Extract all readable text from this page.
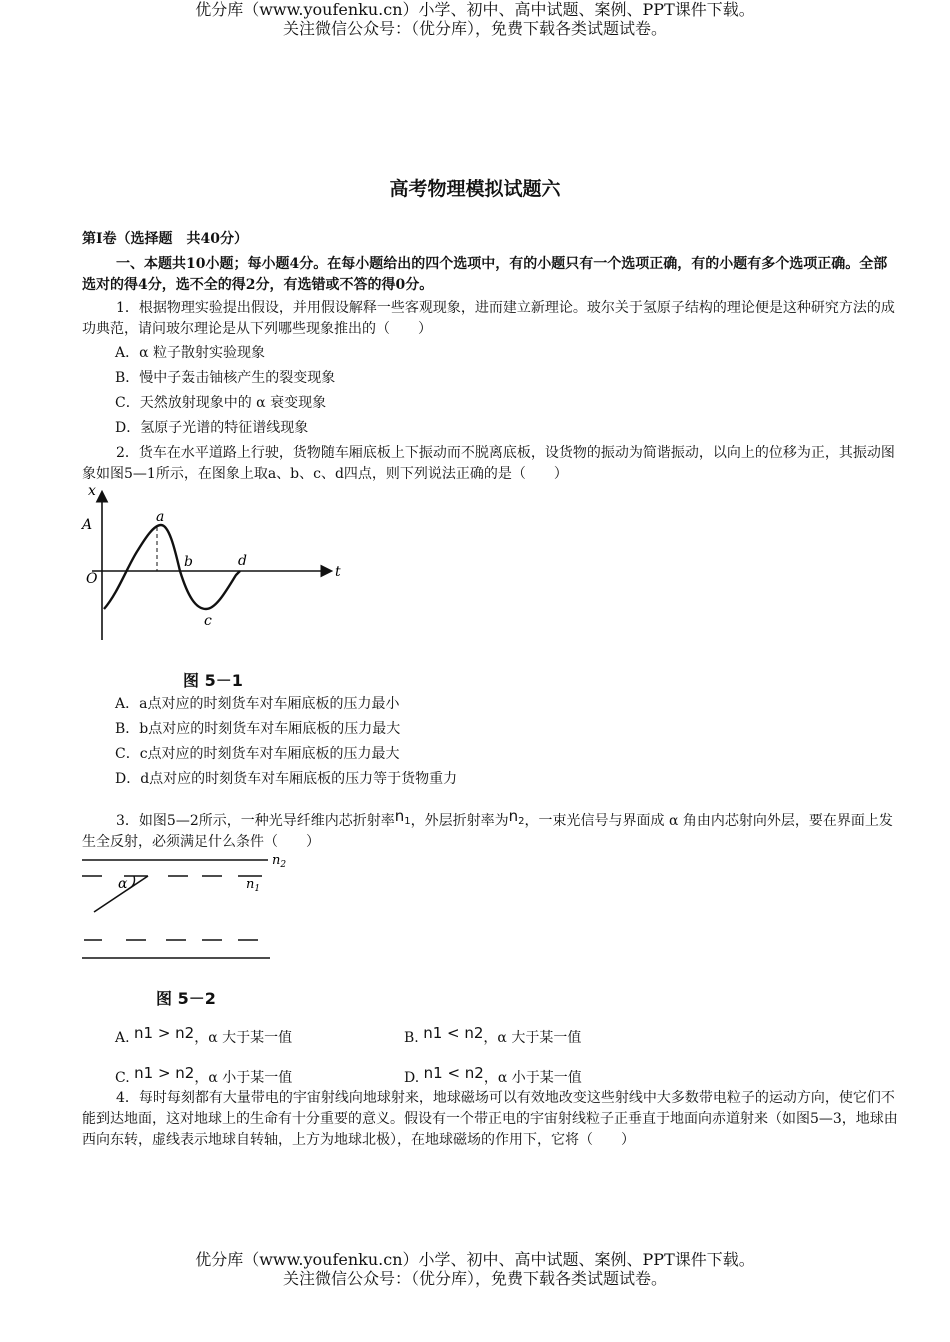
优分库（www.youfenku.cn）小学、初中、高中试题、案例、PPT课件下载。
关注微信公众号：（优分库），免费下载各类试题试卷。
高考物理模拟试题六
第Ⅰ卷（选择题　共40分）
一、本题共10小题；每小题4分。在每小题给出的四个选项中，有的小题只有一个选项正确，有的小题有多个选项正确。全部选对的得4分，选不全的得2分，有选错或不答的得0分。
1．根据物理实验提出假设，并用假设解释一些客观现象，进而建立新理论。玻尔关于氢原子结构的理论便是这种研究方法的成功典范，请问玻尔理论是从下列哪些现象推出的（　　）
A．α 粒子散射实验现象
B．慢中子轰击铀核产生的裂变现象
C．天然放射现象中的 α 衰变现象
D．氢原子光谱的特征谱线现象
2．货车在水平道路上行驶，货物随车厢底板上下振动而不脱离底板，设货物的振动为简谐振动，以向上的位移为正，其振动图象如图5—1所示，在图象上取a、b、c、d四点，则下列说法正确的是（　　）
x
A
O	t
a
b
c
d
图 5－1
A．a点对应的时刻货车对车厢底板的压力最小
B．b点对应的时刻货车对车厢底板的压力最大
C．c点对应的时刻货车对车厢底板的压力最大
D．d点对应的时刻货车对车厢底板的压力等于货物重力
3．如图5—2所示，一种光导纤维内芯折射率$n_1$，外层折射率为$n_2$，一束光信号与界面成 α 角由内芯射向外层，要在界面上发生全反射，必须满足什么条件（　　）
α
$n_2$
$n_1$
图 5－2
A. n1 > n2，α 大于某一值	B. n1 < n2，α 大于某一值
C. n1 > n2，α 小于某一值	D. n1 < n2，α 小于某一值
4．每时每刻都有大量带电的宇宙射线向地球射来，地球磁场可以有效地改变这些射线中大多数带电粒子的运动方向，使它们不能到达地面，这对地球上的生命有十分重要的意义。假设有一个带正电的宇宙射线粒子正垂直于地面向赤道射来（如图5—3，地球由西向东转，虚线表示地球自转轴，上方为地球北极），在地球磁场的作用下，它将（　　）
优分库（www.youfenku.cn）小学、初中、高中试题、案例、PPT课件下载。
关注微信公众号：（优分库），免费下载各类试题试卷。
